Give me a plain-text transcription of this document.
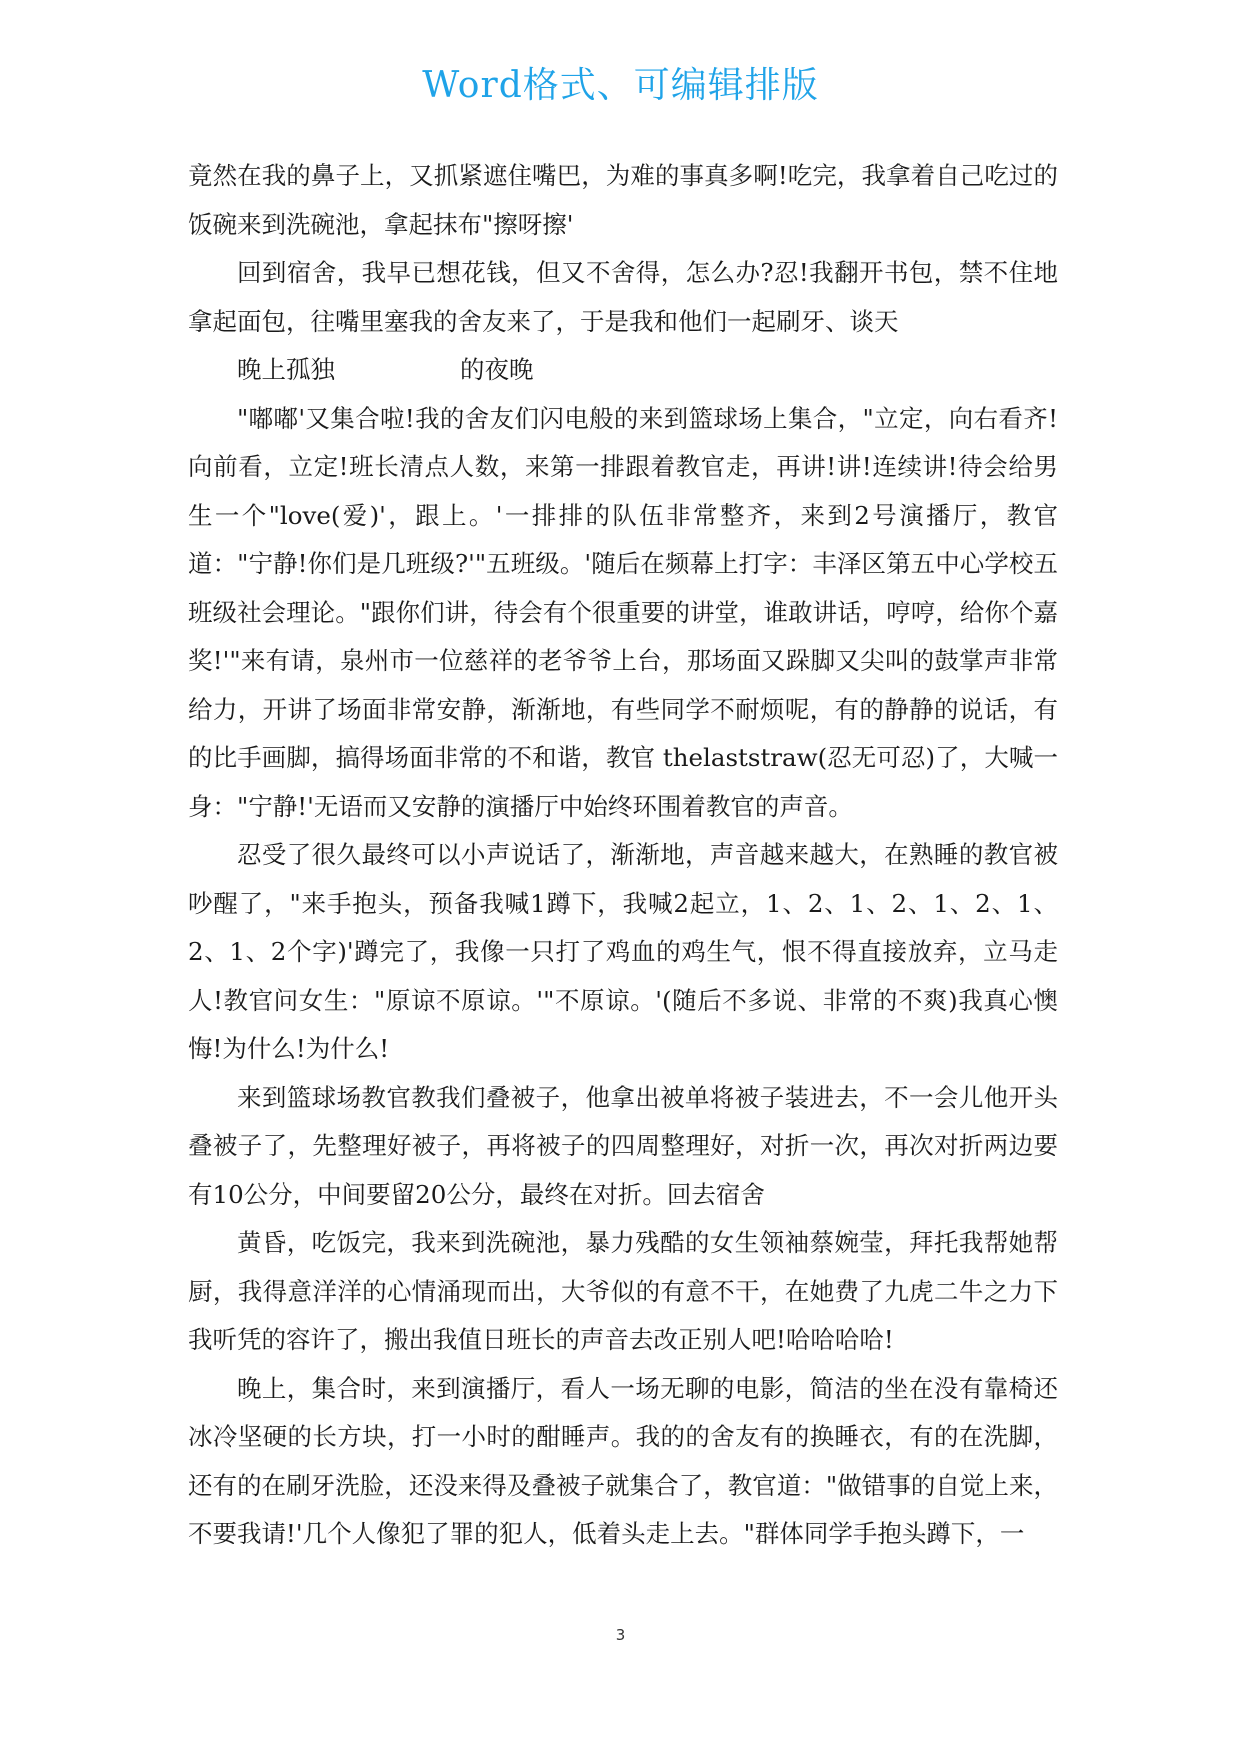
Word格式、可编辑排版

竟然在我的鼻子上，又抓紧遮住嘴巴，为难的事真多啊!吃完，我拿着自己吃过的饭碗来到洗碗池，拿起抹布"擦呀擦'

回到宿舍，我早已想花钱，但又不舍得，怎么办?忍!我翻开书包，禁不住地拿起面包，往嘴里塞我的舍友来了，于是我和他们一起刷牙、谈天

晚上孤独	的夜晚

"嘟嘟'又集合啦!我的舍友们闪电般的来到篮球场上集合，"立定，向右看齐!向前看，立定!班长清点人数，来第一排跟着教官走，再讲!讲!连续讲!待会给男生一个"love(爱)'，跟上。'一排排的队伍非常整齐，来到2号演播厅，教官道："宁静!你们是几班级?'"五班级。'随后在频幕上打字：丰泽区第五中心学校五班级社会理论。"跟你们讲，待会有个很重要的讲堂，谁敢讲话，哼哼，给你个嘉奖!'"来有请，泉州市一位慈祥的老爷爷上台，那场面又跺脚又尖叫的鼓掌声非常给力，开讲了场面非常安静，渐渐地，有些同学不耐烦呢，有的静静的说话，有的比手画脚，搞得场面非常的不和谐，教官 thelaststraw(忍无可忍)了，大喊一身："宁静!'无语而又安静的演播厅中始终环围着教官的声音。

忍受了很久最终可以小声说话了，渐渐地，声音越来越大，在熟睡的教官被吵醒了，"来手抱头，预备我喊1蹲下，我喊2起立，1、2、1、2、1、2、1、2、1、2个字)'蹲完了，我像一只打了鸡血的鸡生气，恨不得直接放弃，立马走人!教官问女生："原谅不原谅。'"不原谅。'(随后不多说、非常的不爽)我真心懊悔!为什么!为什么!

来到篮球场教官教我们叠被子，他拿出被单将被子装进去，不一会儿他开头叠被子了，先整理好被子，再将被子的四周整理好，对折一次，再次对折两边要有10公分，中间要留20公分，最终在对折。回去宿舍

黄昏，吃饭完，我来到洗碗池，暴力残酷的女生领袖蔡婉莹，拜托我帮她帮厨，我得意洋洋的心情涌现而出，大爷似的有意不干，在她费了九虎二牛之力下我听凭的容许了，搬出我值日班长的声音去改正别人吧!哈哈哈哈!

晚上，集合时，来到演播厅，看人一场无聊的电影，简洁的坐在没有靠椅还冰冷坚硬的长方块，打一小时的酣睡声。我的的舍友有的换睡衣，有的在洗脚，还有的在刷牙洗脸，还没来得及叠被子就集合了，教官道："做错事的自觉上来，不要我请!'几个人像犯了罪的犯人，低着头走上去。"群体同学手抱头蹲下，一

3
